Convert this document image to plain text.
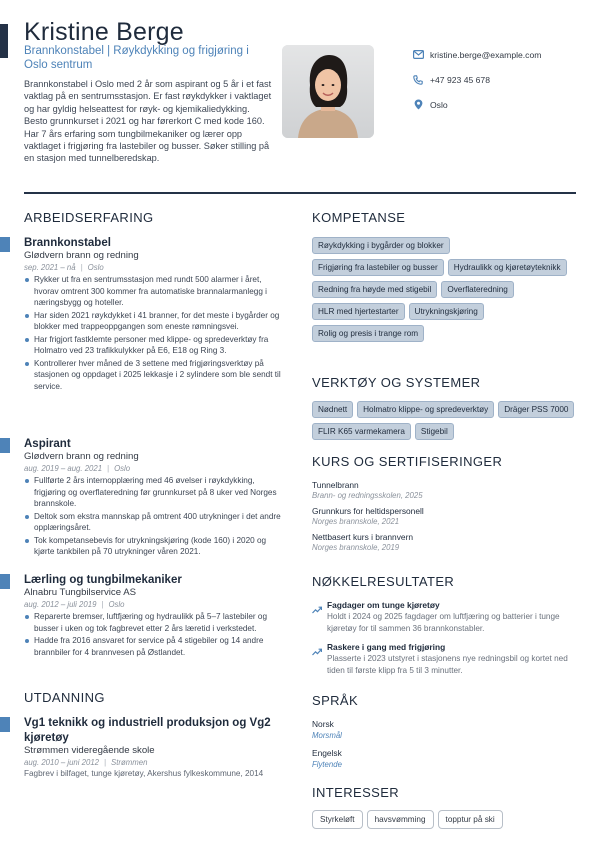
Kristine Berge
Brannkonstabel | Røykdykking og frigjøring i Oslo sentrum

Brannkonstabel i Oslo med 2 år som aspirant og 5 år i et fast vaktlag på en sentrumsstasjon. Er fast røykdykker i vaktlaget og har gyldig helseattest for røyk- og kjemikaliedykking. Besto grunnkurset i 2021 og har førerkort C med kode 160. Har 7 års erfaring som tungbilmekaniker og lærer opp vaktlaget i frigjøring fra lastebiler og busser. Søker stilling på en stasjon med tunnelberedskap.

kristine.berge@example.com
+47 923 45 678
Oslo
ARBEIDSERFARING
Brannkonstabel
Glødvern brann og redning
sep. 2021 – nå | Oslo
Rykker ut fra en sentrumsstasjon med rundt 500 alarmer i året, hvorav omtrent 300 kommer fra automatiske brannalarmanlegg i næringsbygg og hoteller.
Har siden 2021 røykdykket i 41 branner, for det meste i bygårder og blokker med trappeoppgangen som eneste rømningsvei.
Har frigjort fastklemte personer med klippe- og spredeverktøy fra Holmatro ved 23 trafikkulykker på E6, E18 og Ring 3.
Kontrollerer hver måned de 3 settene med frigjøringsverktøy på stasjonen og oppdaget i 2025 lekkasje i 2 sylindere som ble sendt til service.
Aspirant
Glødvern brann og redning
aug. 2019 – aug. 2021 | Oslo
Fullførte 2 års internopplæring med 46 øvelser i røykdykking, frigjøring og overflateredning før grunnkurset på 8 uker ved Norges brannskole.
Deltok som ekstra mannskap på omtrent 400 utrykninger i det andre opplæringsåret.
Tok kompetansebevis for utrykningskjøring (kode 160) i 2020 og kjørte tankbilen på 70 utrykninger våren 2021.
Lærling og tungbilmekaniker
Alnabru Tungbilservice AS
aug. 2012 – juli 2019 | Oslo
Reparerte bremser, luftfjæring og hydraulikk på 5–7 lastebiler og busser i uken og tok fagbrevet etter 2 års læretid i verkstedet.
Hadde fra 2016 ansvaret for service på 4 stigebiler og 14 andre brannbiler for 4 brannvesen på Østlandet.
UTDANNING
Vg1 teknikk og industriell produksjon og Vg2 kjøretøy
Strømmen videregående skole
aug. 2010 – juni 2012 | Strømmen
Fagbrev i bilfaget, tunge kjøretøy, Akershus fylkeskommune, 2014
KOMPETANSE
Røykdykking i bygårder og blokker
Frigjøring fra lastebiler og busser	Hydraulikk og kjøretøyteknikk
Redning fra høyde med stigebil	Overflateredning
HLR med hjertestarter	Utrykningskjøring
Rolig og presis i trange rom
VERKTØY OG SYSTEMER
Nødnett	Holmatro klippe- og spredeverktøy	Dräger PSS 7000
FLIR K65 varmekamera	Stigebil
KURS OG SERTIFISERINGER
Tunnelbrann
Brann- og redningsskolen, 2025
Grunnkurs for heltidspersonell
Norges brannskole, 2021
Nettbasert kurs i brannvern
Norges brannskole, 2019
NØKKELRESULTATER
Fagdager om tunge kjøretøy
Holdt i 2024 og 2025 fagdager om luftfjæring og batterier i tunge kjøretøy for til sammen 36 brannkonstabler.
Raskere i gang med frigjøring
Plasserte i 2023 utstyret i stasjonens nye redningsbil og kortet ned tiden til første klipp fra 5 til 3 minutter.
SPRÅK
Norsk
Morsmål
Engelsk
Flytende
INTERESSER
Styrkeløft	havsvømming	topptur på ski
